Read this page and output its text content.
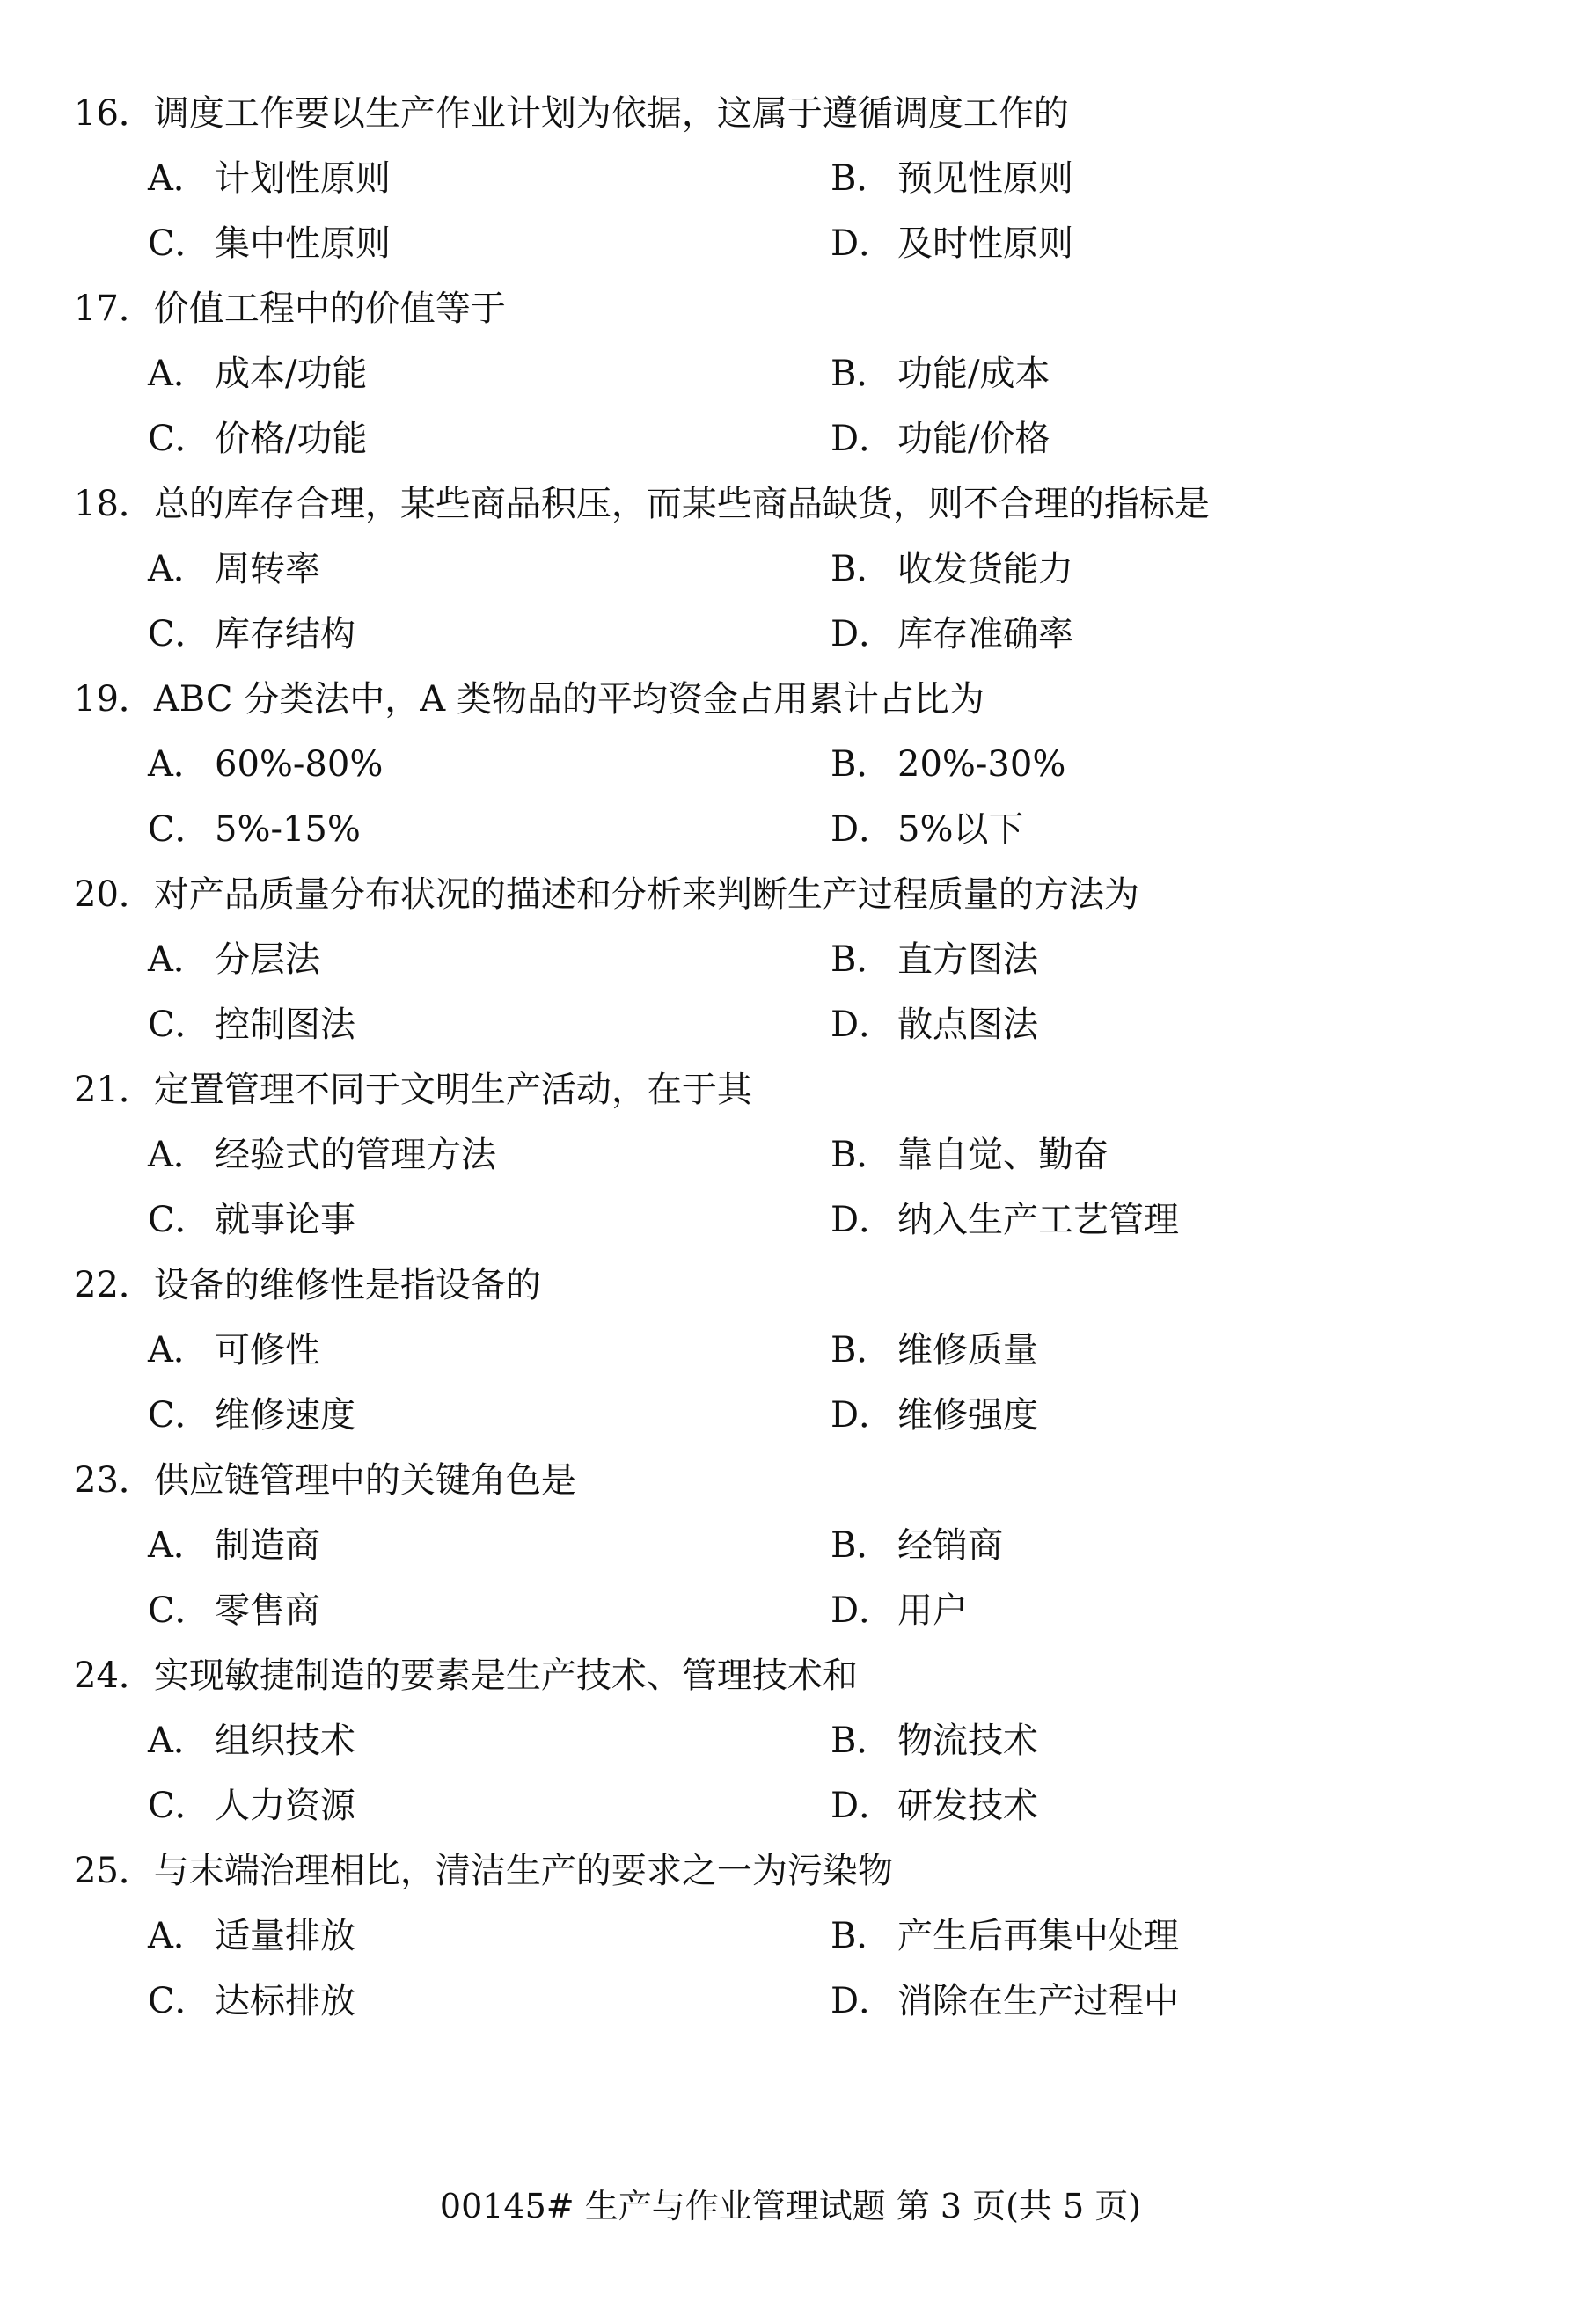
16． 调度工作要以生产作业计划为依据，这属于遵循调度工作的
A． 计划性原则	B． 预见性原则
C． 集中性原则	D．及时性原则
17． 价值工程中的价值等于
A． 成本/功能	B． 功能/成本
C． 价格/功能	D．功能/价格
18． 总的库存合理，某些商品积压，而某些商品缺货，则不合理的指标是
A． 周转率	B． 收发货能力
C． 库存结构	D．库存准确率
19． ABC 分类法中，A 类物品的平均资金占用累计占比为
A． 60%-80%	B． 20%-30%
C． 5%-15%	D．5%以下
20． 对产品质量分布状况的描述和分析来判断生产过程质量的方法为
A． 分层法	B． 直方图法
C． 控制图法	D．散点图法
21． 定置管理不同于文明生产活动，在于其
A． 经验式的管理方法	B． 靠自觉、勤奋
C． 就事论事	D．纳入生产工艺管理
22． 设备的维修性是指设备的
A． 可修性	B． 维修质量
C． 维修速度	D．维修强度
23． 供应链管理中的关键角色是
A． 制造商	B． 经销商
C． 零售商	D．用户
24． 实现敏捷制造的要素是生产技术、管理技术和
A． 组织技术	B． 物流技术
C． 人力资源	D．研发技术
25． 与末端治理相比，清洁生产的要求之一为污染物
A． 适量排放	B． 产生后再集中处理
C． 达标排放	D．消除在生产过程中
00145# 生产与作业管理试题 第 3 页(共 5 页)
